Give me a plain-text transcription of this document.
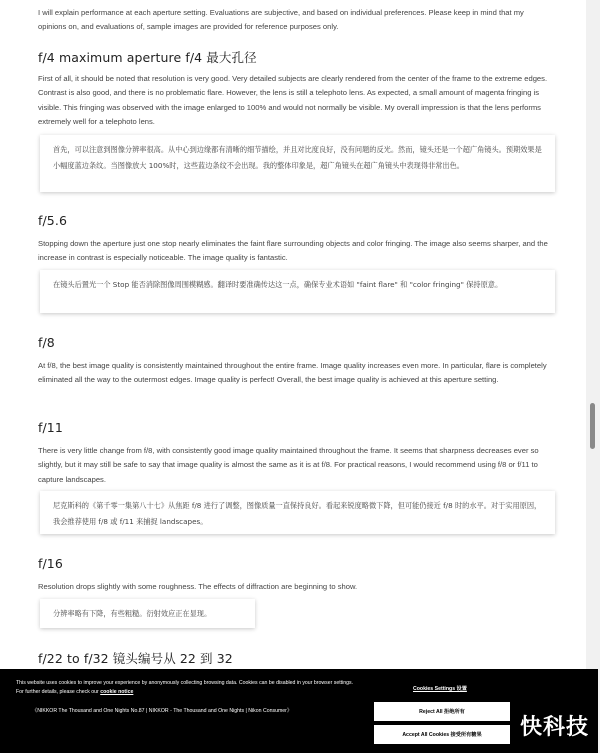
I will explain performance at each aperture setting. Evaluations are subjective, and based on individual preferences. Please keep in mind that my opinions on, and evaluations of, sample images are provided for reference purposes only.

f/4 maximum aperture f/4 最大孔径
First of all, it should be noted that resolution is very good. Very detailed subjects are clearly rendered from the center of the frame to the extreme edges. Contrast is also good, and there is no problematic flare. However, the lens is still a telephoto lens. As expected, a small amount of magenta fringing is visible. This fringing was observed with the image enlarged to 100% and would not normally be visible. My overall impression is that the lens performs extremely well for a telephoto lens.
首先，可以注意到图像分辨率很高。从中心到边缘都有清晰的细节描绘，并且对比度良好，没有问题的反光。然而，镜头还是一个超广角镜头。预期效果是小幅度蓝边条纹。当图像放大 100%时，这些蓝边条纹不会出现。我的整体印象是，超广角镜头在超广角镜头中表现得非常出色。
f/5.6
Stopping down the aperture just one stop nearly eliminates the faint flare surrounding objects and color fringing. The image also seems sharper, and the increase in contrast is especially noticeable. The image quality is fantastic.
在镜头后置光一个 Stop 能否消除图像周围模糊感。翻译时要准确传达这一点，确保专业术语如 "faint flare" 和 "color fringing" 保持原意。
f/8
At f/8, the best image quality is consistently maintained throughout the entire frame. Image quality increases even more. In particular, flare is completely eliminated all the way to the outermost edges. Image quality is perfect! Overall, the best image quality is achieved at this aperture setting.
f/11
There is very little change from f/8, with consistently good image quality maintained throughout the frame. It seems that sharpness decreases ever so slightly, but it may still be safe to say that image quality is almost the same as it is at f/8. For practical reasons, I would recommend using f/8 or f/11 to capture landscapes.
尼克斯科的《第千零一集第八十七》从焦距 f/8 进行了调整，图像质量一直保持良好。看起来锐度略微下降，但可能仍接近 f/8 时的水平。对于实用原因，我会推荐使用 f/8 或 f/11 来捕捉 landscapes。
f/16
Resolution drops slightly with some roughness. The effects of diffraction are beginning to show.
分辨率略有下降，有些粗糙。衍射效应正在显现。
f/22 to f/32 镜头编号从 22 到 32
This website uses cookies to improve your experience by anonymously collecting browsing data. Cookies can be disabled in your browser settings. For further details, please check our cookie notice
Cookies Settings 设置
《NIKKOR The Thousand and One Nights No.87 | NIKKOR - The Thousand and One Nights | Nikon Consumer》	Reject All 拒绝所有
Accept All Cookies 接受所有糖果	快科技
